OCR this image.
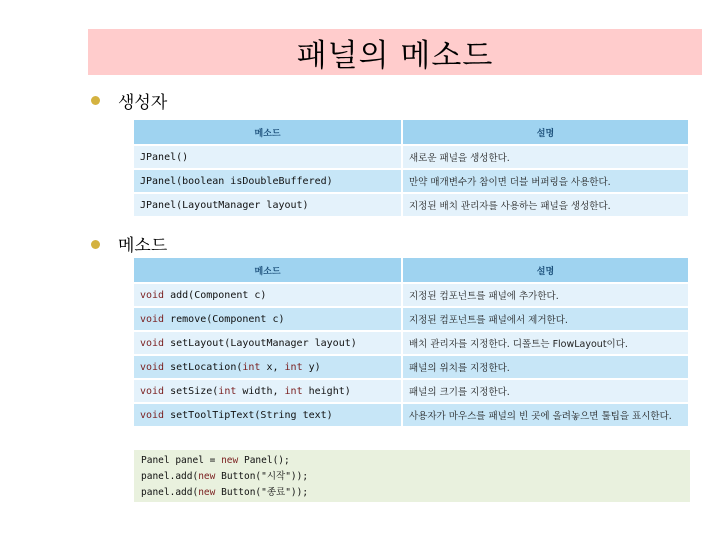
패널의 메소드
생성자
메소드	설명
JPanel()	새로운 패널을 생성한다.
JPanel(boolean isDoubleBuffered)	만약 매개변수가 참이면 더블 버퍼링을 사용한다.
JPanel(LayoutManager layout)	지정된 배치 관리자를 사용하는 패널을 생성한다.
메소드
메소드	설명
void add(Component c)	지정된 컴포넌트를 패널에 추가한다.
void remove(Component c)	지정된 컴포넌트를 패널에서 제거한다.
void setLayout(LayoutManager layout)	배치 관리자를 지정한다. 디폴트는 FlowLayout이다.
void setLocation(int x, int y)	패널의 위치를 지정한다.
void setSize(int width, int height)	패널의 크기를 지정한다.
void setToolTipText(String text)	사용자가 마우스를 패널의 빈 곳에 올려놓으면 툴팁을 표시한다.
Panel panel = new Panel();
panel.add(new Button("시작"));
panel.add(new Button("종료"));
